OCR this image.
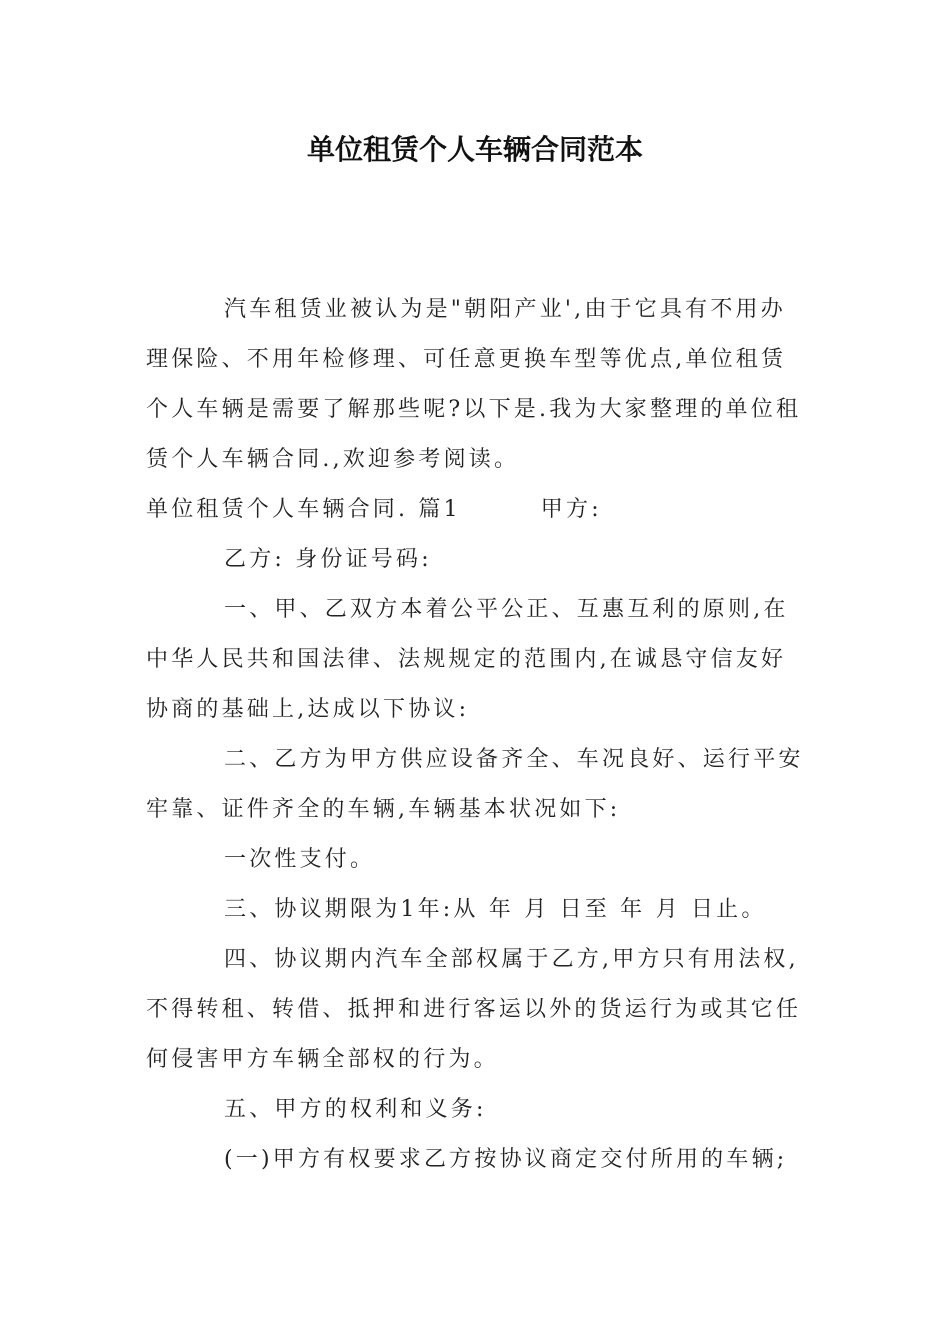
单位租赁个人车辆合同范本

汽车租赁业被认为是"朝阳产业',由于它具有不用办理保险、不用年检修理、可任意更换车型等优点,单位租赁个人车辆是需要了解那些呢?以下是.我为大家整理的单位租赁个人车辆合同.,欢迎参考阅读。

单位租赁个人车辆合同. 篇1	甲方:

乙方: 身份证号码:

一、甲、乙双方本着公平公正、互惠互利的原则,在中华人民共和国法律、法规规定的范围内,在诚恳守信友好协商的基础上,达成以下协议:

二、乙方为甲方供应设备齐全、车况良好、运行平安牢靠、证件齐全的车辆,车辆基本状况如下:

一次性支付。

三、协议期限为1年:从 年 月 日至 年 月 日止。

四、协议期内汽车全部权属于乙方,甲方只有用法权,不得转租、转借、抵押和进行客运以外的货运行为或其它任何侵害甲方车辆全部权的行为。

五、甲方的权利和义务:

(一)甲方有权要求乙方按协议商定交付所用的车辆;
